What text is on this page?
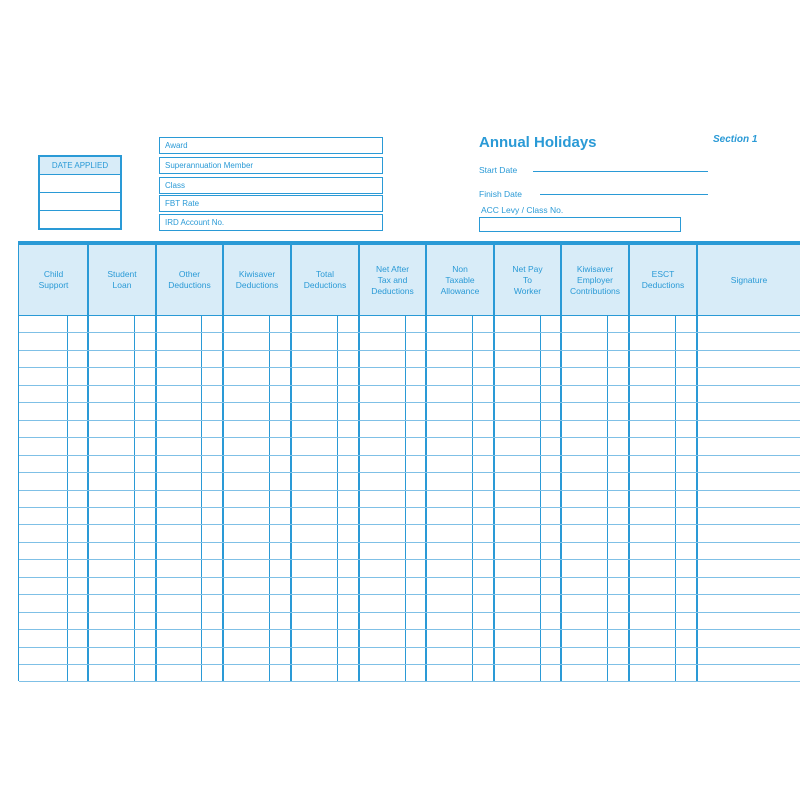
DATE APPLIED
Award
Superannuation Member
Class
FBT Rate
IRD Account No.
Annual Holidays	Section 1
Start Date
Finish Date
ACC Levy / Class No.
Child
Support
Student
Loan
Other
Deductions
Kiwisaver
Deductions
Total
Deductions
Net After
Tax and
Deductions
Non
Taxable
Allowance
Net Pay
To
Worker
Kiwisaver
Employer
Contributions
ESCT
Deductions
Signature
